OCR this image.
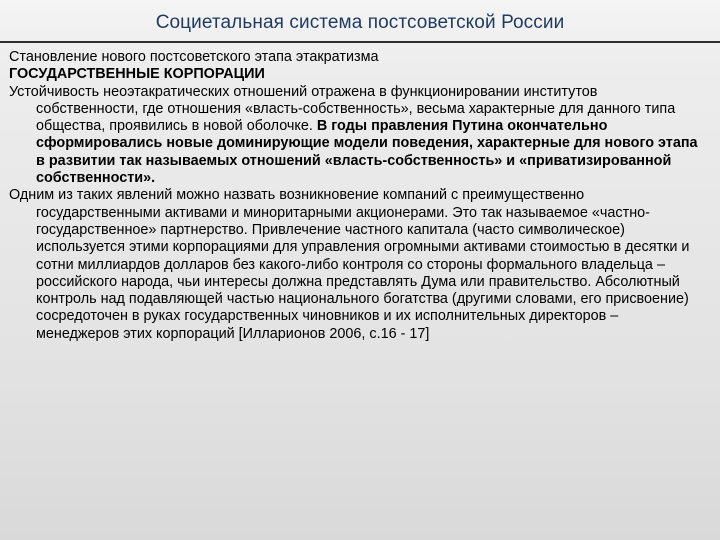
Социетальная система постсоветской России

Становление нового постсоветского этапа этакратизма

ГОСУДАРСТВЕННЫЕ КОРПОРАЦИИ

Устойчивость неоэтакратических отношений отражена в функционировании институтов собственности, где отношения «власть-собственность», весьма характерные для данного типа общества, проявились в новой оболочке. В годы правления Путина окончательно сформировались новые доминирующие модели поведения, характерные для нового этапа в развитии так называемых отношений «власть-собственность» и «приватизированной собственности».

Одним из таких явлений можно назвать возникновение компаний с преимущественно государственными активами и миноритарными акционерами. Это так называемое «частно-государственное» партнерство. Привлечение частного капитала (часто символическое) используется этими корпорациями для управления огромными активами стоимостью в десятки и сотни миллиардов долларов без какого-либо контроля со стороны формального владельца – российского народа, чьи интересы должна представлять Дума или правительство. Абсолютный контроль над подавляющей частью национального богатства (другими словами, его присвоение) сосредоточен в руках государственных чиновников и их исполнительных директоров – менеджеров этих корпораций [Илларионов 2006, с.16 - 17]
